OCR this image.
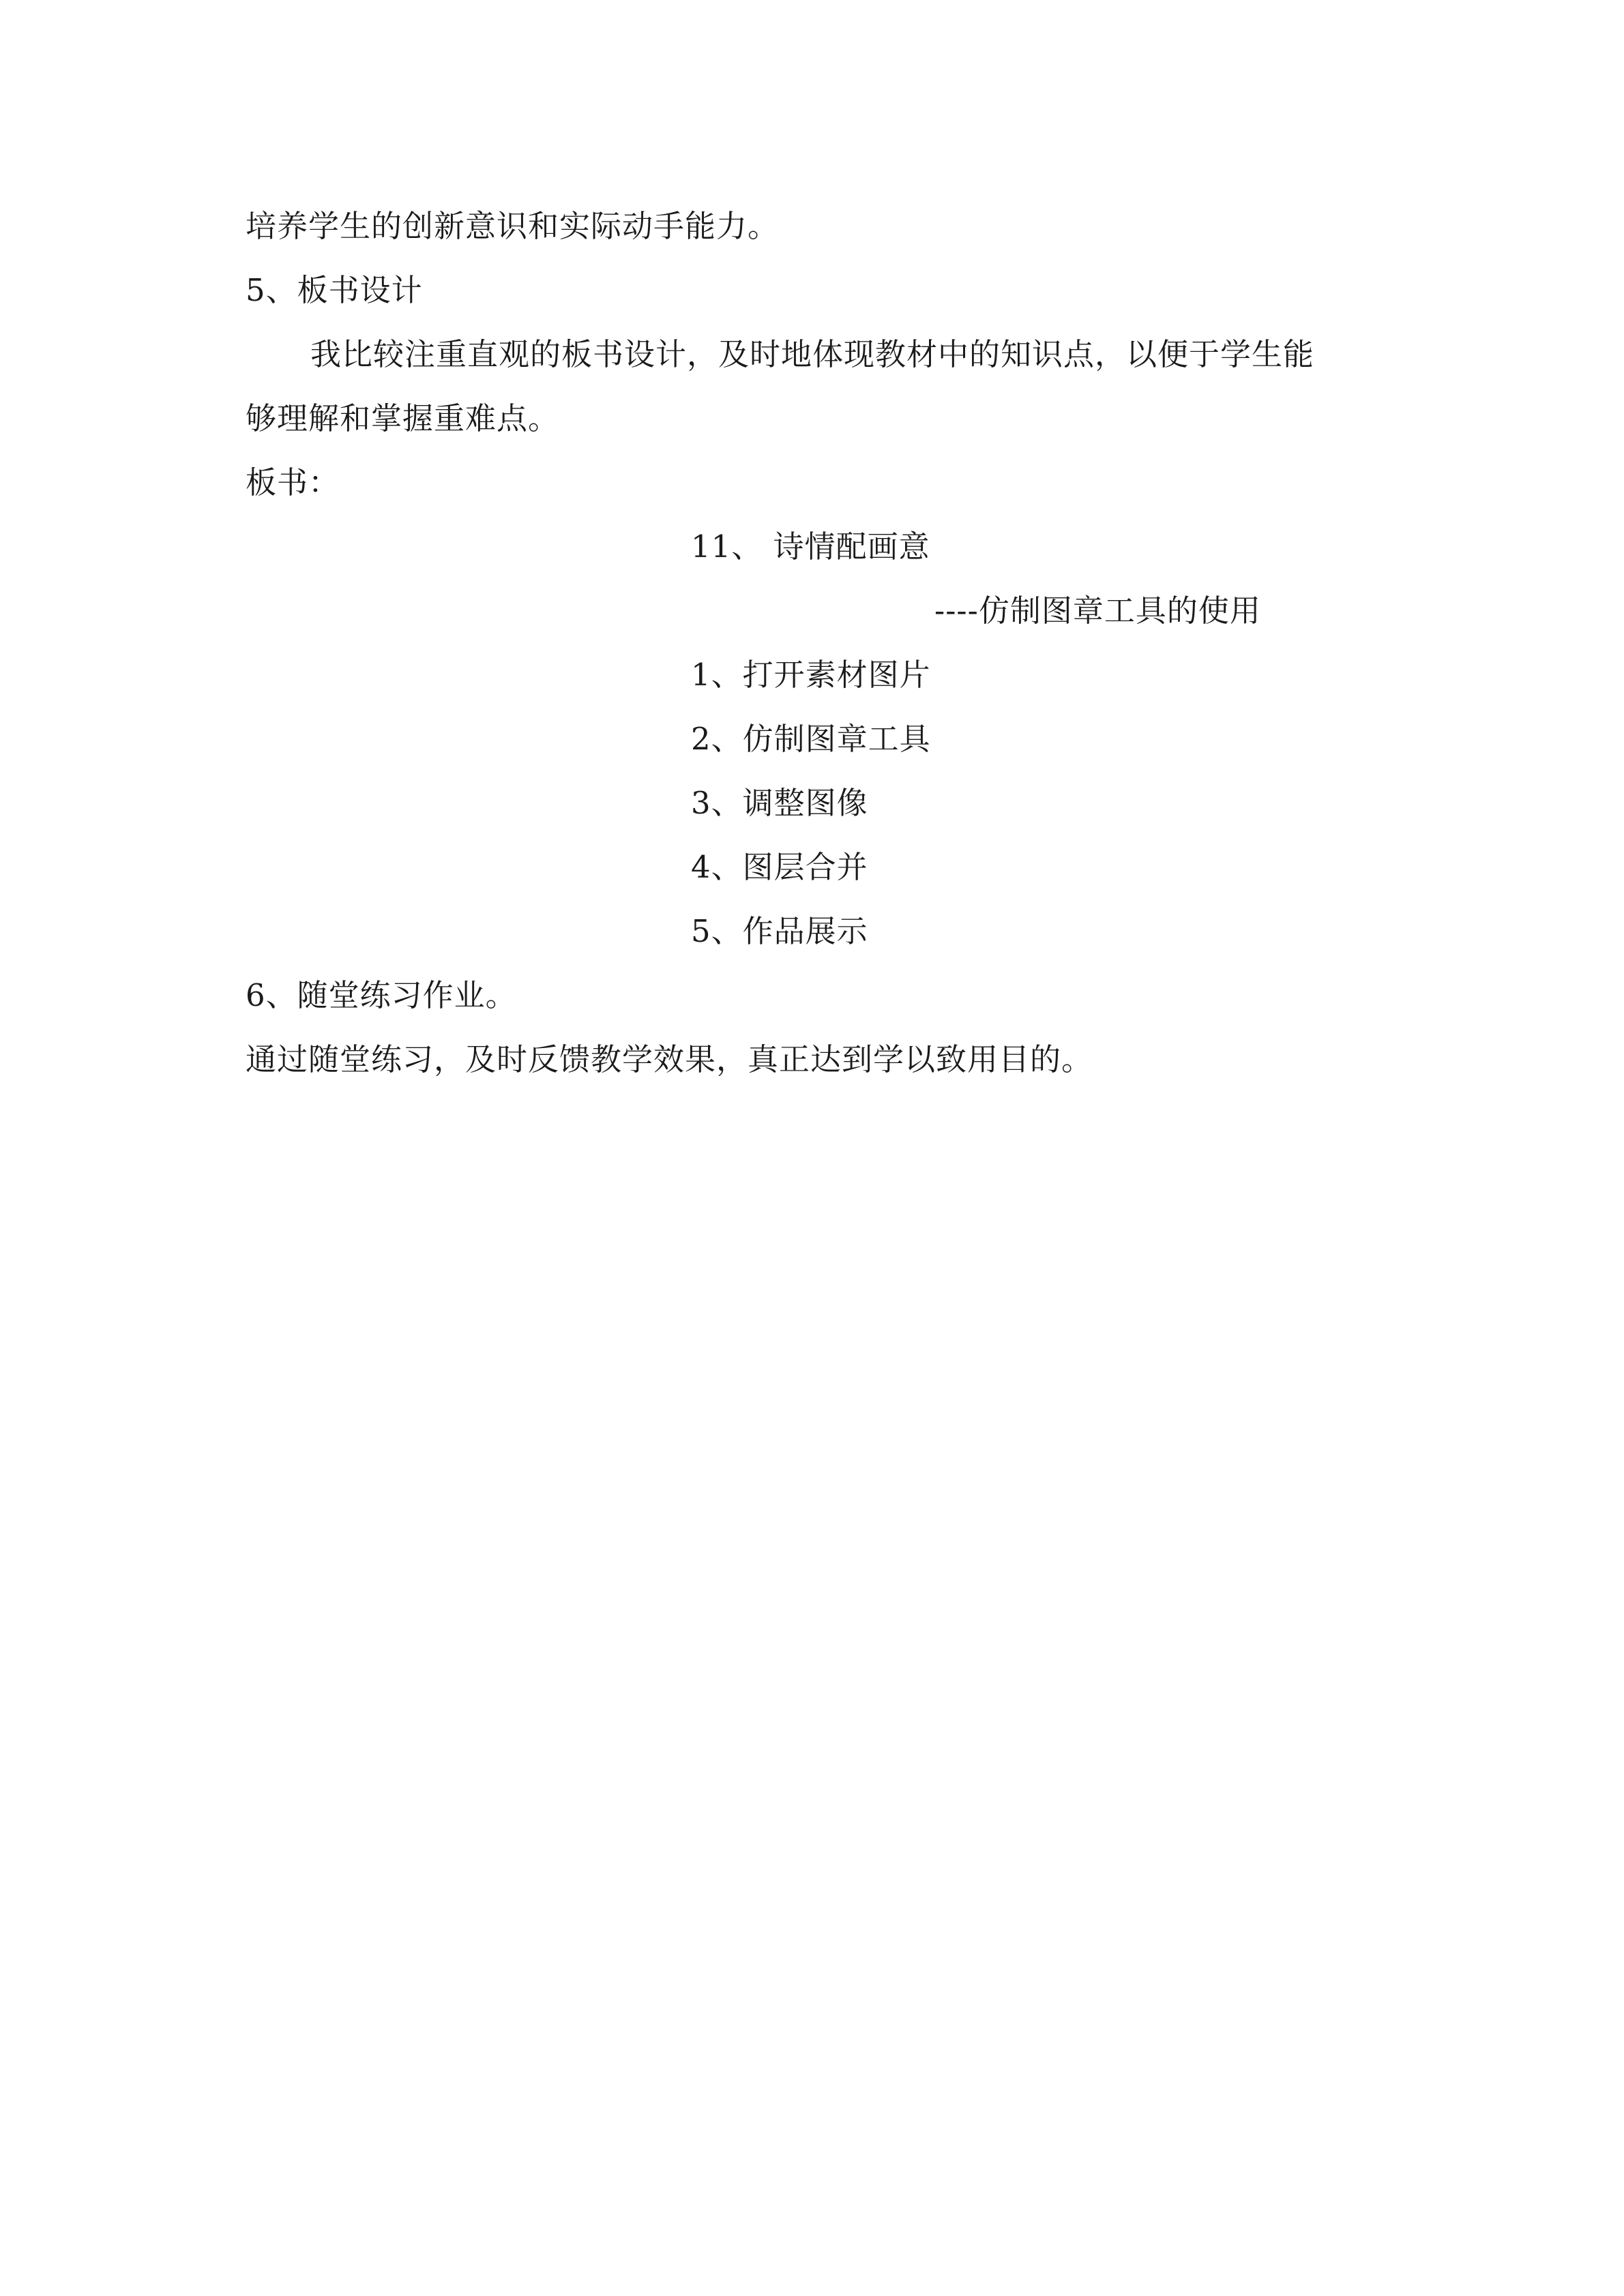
培养学生的创新意识和实际动手能力。
5、板书设计
我比较注重直观的板书设计，及时地体现教材中的知识点，以便于学生能
够理解和掌握重难点。
板书：
11、 诗情配画意
----仿制图章工具的使用
1、打开素材图片
2、仿制图章工具
3、调整图像
4、图层合并
5、作品展示
6、随堂练习作业。
通过随堂练习，及时反馈教学效果，真正达到学以致用目的。
